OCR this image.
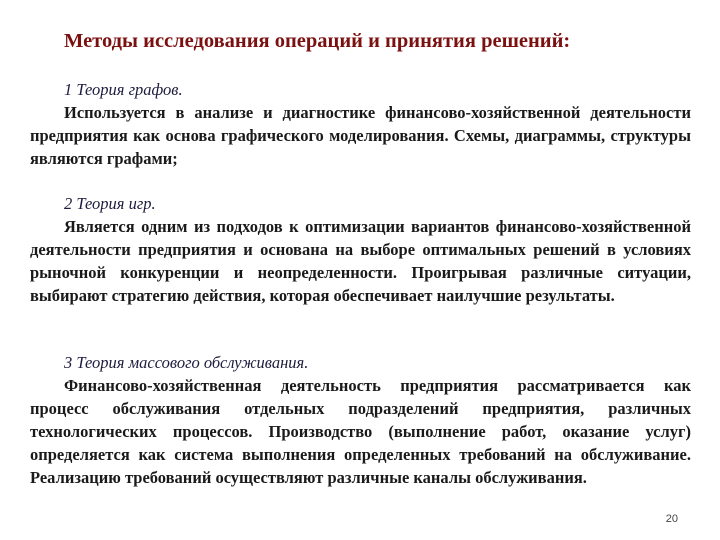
Методы исследования операций и принятия решений:

1 Теория графов.

Используется в анализе и диагностике финансово-хозяйственной деятельности предприятия как основа графического моделирования. Схемы, диаграммы, структуры являются графами;

2 Теория игр.

Является одним из подходов к оптимизации вариантов финансово-хозяйственной деятельности предприятия и основана на выборе оптимальных решений в условиях рыночной конкуренции и неопределенности. Проигрывая различные ситуации, выбирают стратегию действия, которая обеспечивает наилучшие результаты.

3 Теория массового обслуживания.

Финансово-хозяйственная деятельность предприятия рассматривается как процесс обслуживания отдельных подразделений предприятия, различных технологических процессов. Производство (выполнение работ, оказание услуг) определяется как система выполнения определенных требований на обслуживание. Реализацию требований осуществляют различные каналы обслуживания.

20
